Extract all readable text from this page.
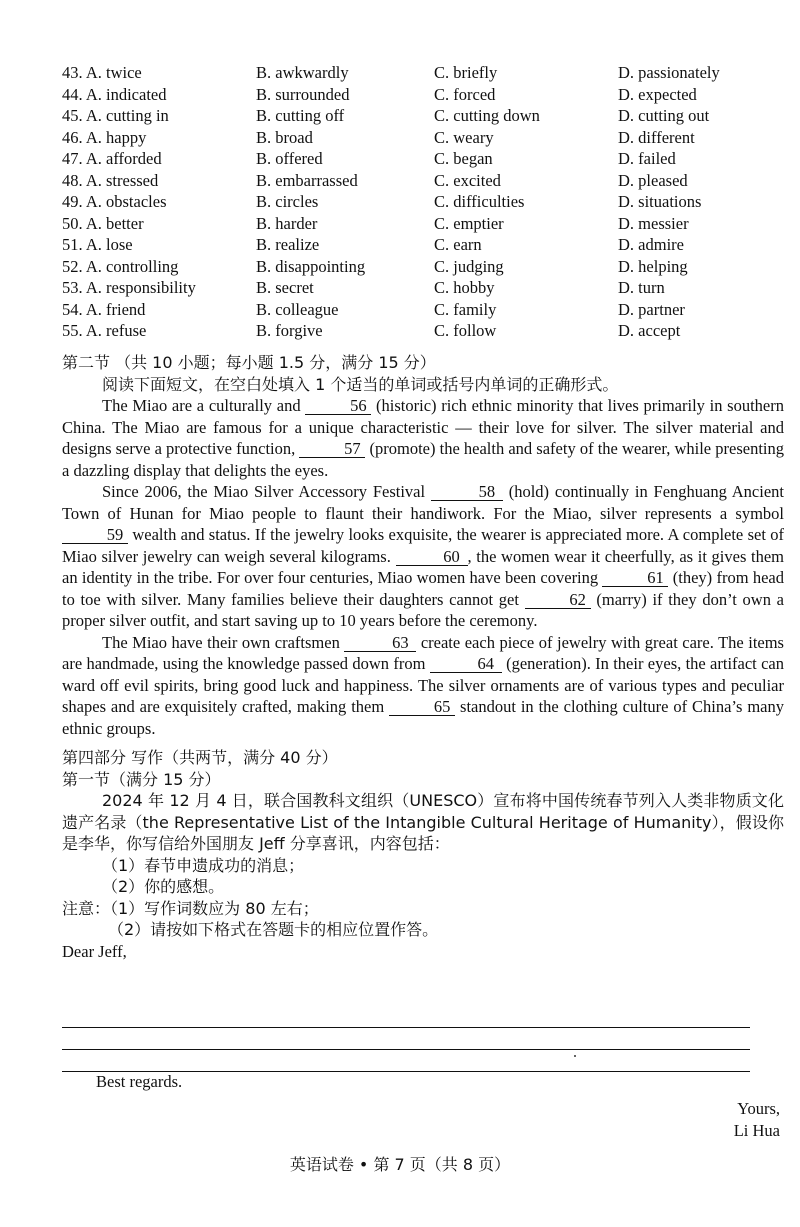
43. A. twice	B. awkwardly	C. briefly	D. passionately
44. A. indicated	B. surrounded	C. forced	D. expected
45. A. cutting in	B. cutting off	C. cutting down	D. cutting out
46. A. happy	B. broad	C. weary	D. different
47. A. afforded	B. offered	C. began	D. failed
48. A. stressed	B. embarrassed	C. excited	D. pleased
49. A. obstacles	B. circles	C. difficulties	D. situations
50. A. better	B. harder	C. emptier	D. messier
51. A. lose	B. realize	C. earn	D. admire
52. A. controlling	B. disappointing	C. judging	D. helping
53. A. responsibility	B. secret	C. hobby	D. turn
54. A. friend	B. colleague	C. family	D. partner
55. A. refuse	B. forgive	C. follow	D. accept
第二节 （共 10 小题；每小题 1.5 分，满分 15 分）
阅读下面短文，在空白处填入 1 个适当的单词或括号内单词的正确形式。
The Miao are a culturally and	56 (historic) rich ethnic minority that lives primarily in southern China. The Miao are famous for a unique characteristic — their love for silver. The silver material and designs serve a protective function,	57 (promote) the health and safety of the wearer, while presenting a dazzling display that delights the eyes.
Since 2006, the Miao Silver Accessory Festival	58 (hold) continually in Fenghuang Ancient Town of Hunan for Miao people to flaunt their handiwork. For the Miao, silver represents a symbol 59 wealth and status. If the jewelry looks exquisite, the wearer is appreciated more. A complete set of Miao silver jewelry can weigh several kilograms.	60 , the women wear it cheerfully, as it gives them an identity in the tribe. For over four centuries, Miao women have been covering	61 (they) from head to toe with silver. Many families believe their daughters cannot get	62 (marry) if they don’t own a proper silver outfit, and start saving up to 10 years before the ceremony.
The Miao have their own craftsmen	63 create each piece of jewelry with great care. The items are handmade, using the knowledge passed down from	64 (generation). In their eyes, the artifact can ward off evil spirits, bring good luck and happiness. The silver ornaments are of various types and peculiar shapes and are exquisitely crafted, making them	65 standout in the clothing culture of China’s many ethnic groups.
第四部分 写作（共两节，满分 40 分）
第一节（满分 15 分）
2024 年 12 月 4 日，联合国教科文组织（UNESCO）宣布将中国传统春节列入人类非物质文化遗产名录（the Representative List of the Intangible Cultural Heritage of Humanity），假设你是李华，你写信给外国朋友 Jeff 分享喜讯，内容包括：
（1）春节申遗成功的消息；
（2）你的感想。
注意：（1）写作词数应为 80 左右；
（2）请按如下格式在答题卡的相应位置作答。
Dear Jeff,
Best regards.
Yours,
Li Hua
英语试卷 • 第 7 页（共 8 页）
